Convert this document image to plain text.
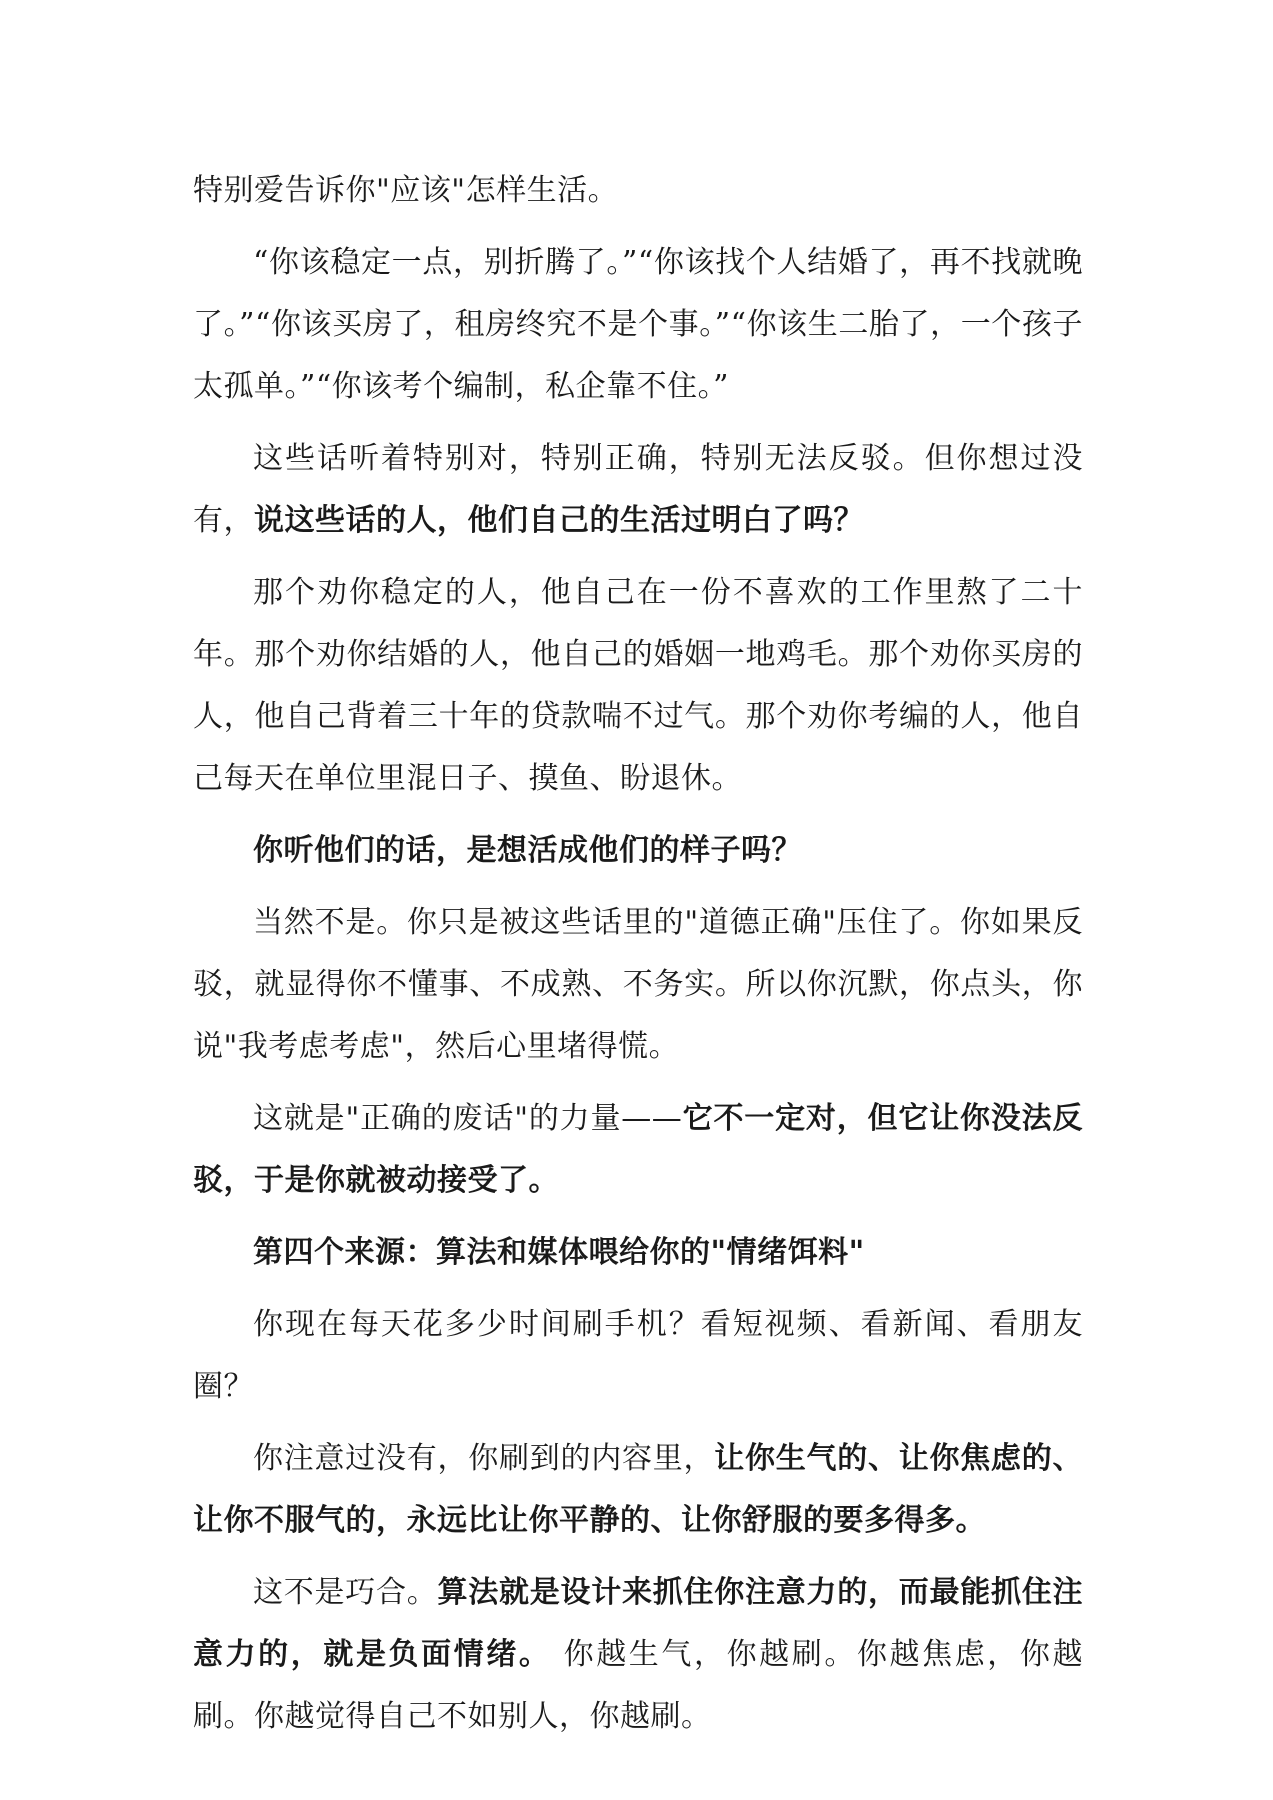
特别爱告诉你"应该"怎样生活。

“你该稳定一点，别折腾了。”“你该找个人结婚了，再不找就晚了。”“你该买房了，租房终究不是个事。”“你该生二胎了，一个孩子太孤单。”“你该考个编制，私企靠不住。”

这些话听着特别对，特别正确，特别无法反驳。但你想过没有，说这些话的人，他们自己的生活过明白了吗？

那个劝你稳定的人，他自己在一份不喜欢的工作里熬了二十年。那个劝你结婚的人，他自己的婚姻一地鸡毛。那个劝你买房的人，他自己背着三十年的贷款喘不过气。那个劝你考编的人，他自己每天在单位里混日子、摸鱼、盼退休。

你听他们的话，是想活成他们的样子吗？

当然不是。你只是被这些话里的"道德正确"压住了。你如果反驳，就显得你不懂事、不成熟、不务实。所以你沉默，你点头，你说"我考虑考虑"，然后心里堵得慌。

这就是"正确的废话"的力量——它不一定对，但它让你没法反驳，于是你就被动接受了。

第四个来源：算法和媒体喂给你的"情绪饵料"

你现在每天花多少时间刷手机？看短视频、看新闻、看朋友圈？

你注意过没有，你刷到的内容里，让你生气的、让你焦虑的、让你不服气的，永远比让你平静的、让你舒服的要多得多。

这不是巧合。算法就是设计来抓住你注意力的，而最能抓住注意力的，就是负面情绪。 你越生气，你越刷。你越焦虑，你越刷。你越觉得自己不如别人，你越刷。
